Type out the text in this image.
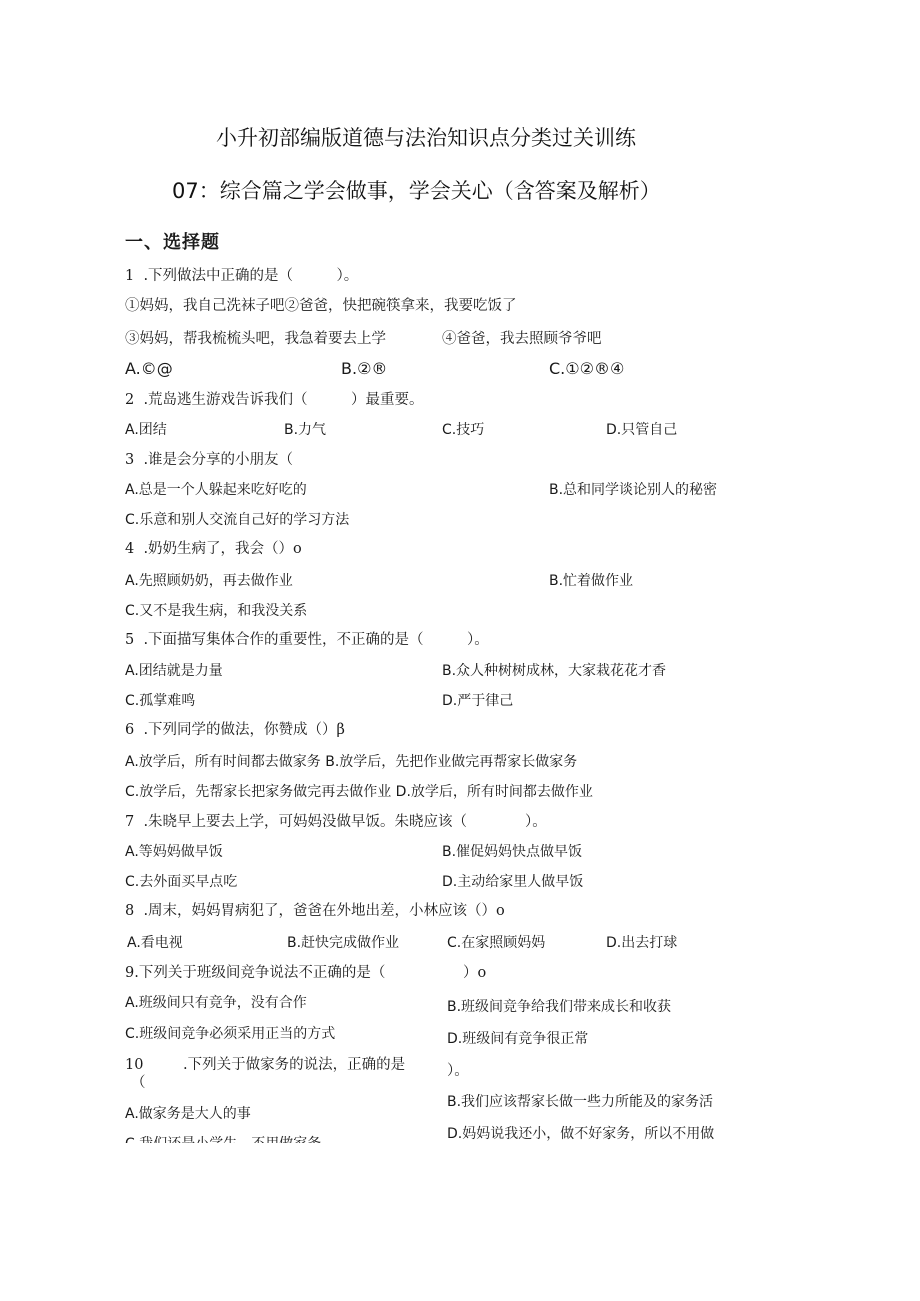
小升初部编版道德与法治知识点分类过关训练
07：综合篇之学会做事，学会关心（含答案及解析）
一、选择题
1 .下列做法中正确的是（　　　）。
①妈妈，我自己洗袜子吧②爸爸，快把碗筷拿来，我要吃饭了
③妈妈，帮我梳梳头吧，我急着要去上学	④爸爸，我去照顾爷爷吧
A.©@	B.②®	C.①②®④
2 .荒岛逃生游戏告诉我们（　　　）最重要。
A.团结	B.力气	C.技巧	D.只管自己
3 .谁是会分享的小朋友（
A.总是一个人躲起来吃好吃的	B.总和同学谈论别人的秘密
C.乐意和别人交流自己好的学习方法
4 .奶奶生病了，我会（）o
A.先照顾奶奶，再去做作业	B.忙着做作业
C.又不是我生病，和我没关系
5 .下面描写集体合作的重要性，不正确的是（　　　）。
A.团结就是力量	B.众人种树树成林，大家栽花花才香
C.孤掌难鸣	D.严于律己
6 .下列同学的做法，你赞成（）β
A.放学后，所有时间都去做家务 B.放学后，先把作业做完再帮家长做家务
C.放学后，先帮家长把家务做完再去做作业 D.放学后，所有时间都去做作业
7 .朱晓早上要去上学，可妈妈没做早饭。朱晓应该（　　　　）。
A.等妈妈做早饭	B.催促妈妈快点做早饭
C.去外面买早点吃	D.主动给家里人做早饭
8 .周末，妈妈胃病犯了，爸爸在外地出差，小林应该（）o
A.看电视	B.赶快完成做作业	C.在家照顾妈妈	D.出去打球
9.下列关于班级间竞争说法不正确的是（	）o
A.班级间只有竞争，没有合作	B.班级间竞争给我们带来成长和收获
C.班级间竞争必须采用正当的方式	D.班级间有竞争很正常
10	.下列关于做家务的说法，正确的是
（
）。
A.做家务是大人的事
B.我们应该帮家长做一些力所能及的家务活
D.妈妈说我还小，做不好家务，所以不用做
